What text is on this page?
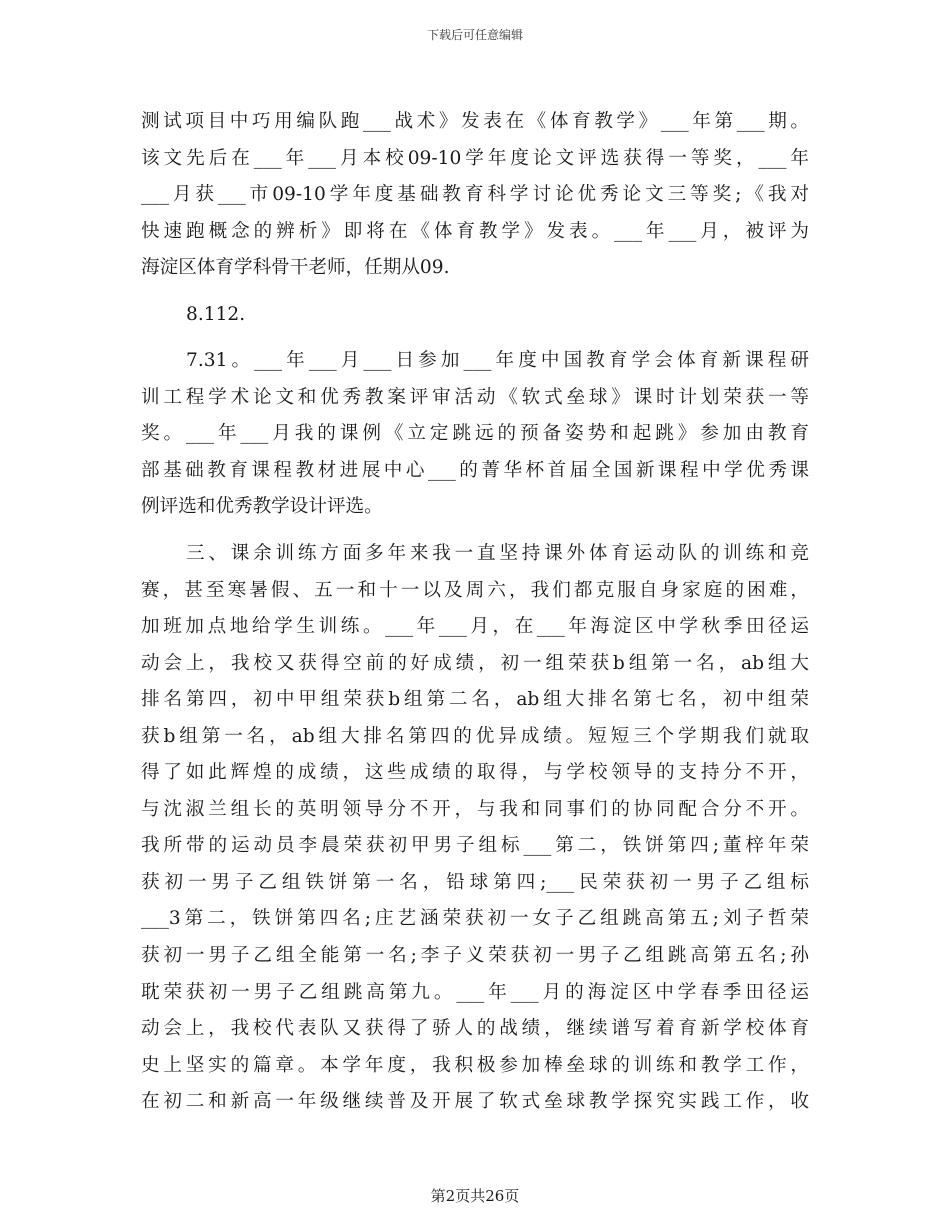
下载后可任意编辑
测试项目中巧用编队跑___战术》发表在《体育教学》___年第___期。
该文先后在___年___月本校09-10学年度论文评选获得一等奖，___年
___月获___市09-10学年度基础教育科学讨论优秀论文三等奖;《我对
快速跑概念的辨析》即将在《体育教学》发表。___年___月，被评为
海淀区体育学科骨干老师，任期从09.
8.112.
7.31。___年___月___日参加___年度中国教育学会体育新课程研
训工程学术论文和优秀教案评审活动《软式垒球》课时计划荣获一等
奖。___年___月我的课例《立定跳远的预备姿势和起跳》参加由教育
部基础教育课程教材进展中心___的菁华杯首届全国新课程中学优秀课
例评选和优秀教学设计评选。
三、课余训练方面多年来我一直坚持课外体育运动队的训练和竞
赛，甚至寒暑假、五一和十一以及周六，我们都克服自身家庭的困难，
加班加点地给学生训练。___年___月，在___年海淀区中学秋季田径运
动会上，我校又获得空前的好成绩，初一组荣获b组第一名，ab组大
排名第四，初中甲组荣获b组第二名，ab组大排名第七名，初中组荣
获b组第一名，ab组大排名第四的优异成绩。短短三个学期我们就取
得了如此辉煌的成绩，这些成绩的取得，与学校领导的支持分不开，
与沈淑兰组长的英明领导分不开，与我和同事们的协同配合分不开。
我所带的运动员李晨荣获初甲男子组标___第二，铁饼第四;董梓年荣
获初一男子乙组铁饼第一名，铅球第四;___民荣获初一男子乙组标
___3第二，铁饼第四名;庄艺涵荣获初一女子乙组跳高第五;刘子哲荣
获初一男子乙组全能第一名;李子义荣获初一男子乙组跳高第五名;孙
耽荣获初一男子乙组跳高第九。___年___月的海淀区中学春季田径运
动会上，我校代表队又获得了骄人的战绩，继续谱写着育新学校体育
史上坚实的篇章。本学年度，我积极参加棒垒球的训练和教学工作，
在初二和新高一年级继续普及开展了软式垒球教学探究实践工作，收
第2页共26页
